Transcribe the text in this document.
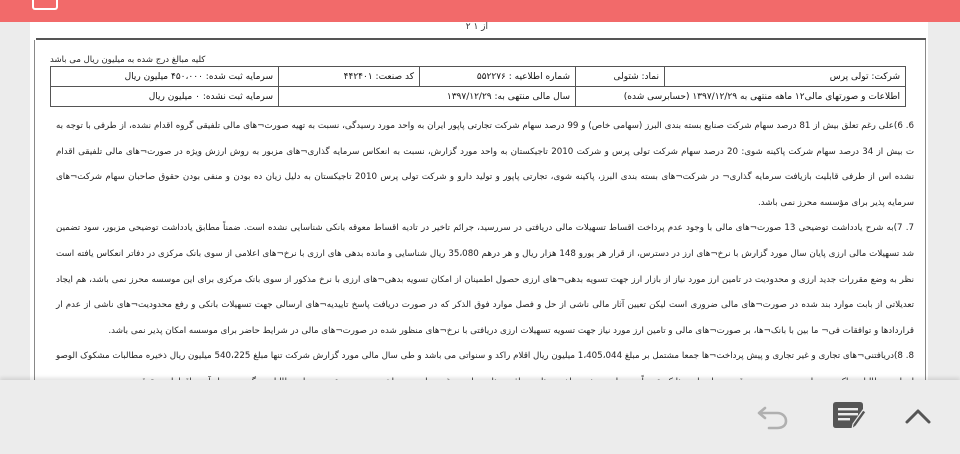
۲ از ۱
کلیه مبالغ درج شده به میلیون ریال می باشد
شرکت: تولی پرس	نماد: شتولی	شماره اطلاعیه : ۵۵۲۲۷۶	کد صنعت: ۴۴۲۴۰۱	سرمایه ثبت شده: ۴۵۰،۰۰۰ میلیون ریال
اطلاعات و صورتهای مالی۱۲ ماهه منتهی به ۱۳۹۷/۱۲/۲۹ (حسابرسی شده)		سال مالی منتهی به: ۱۳۹۷/۱۲/۲۹		سرمایه ثبت نشده: ۰ میلیون ریال

6. 6)علی رغم تعلق بیش از 81 درصد سهام شرکت صنایع بسته بندی البرز (سهامی خاص) و 99 درصد سهام شرکت تجارتی پاپور ایران به واحد مورد رسیدگی، نسبت به تهیه صورت¬های مالی تلفیقی گروه اقدام نشده، از طرفی با توجه به ت بیش از 34 درصد سهام شرکت پاکینه شوی: 20 درصد سهام شرکت تولی پرس و شرکت 2010 تاجیکستان به واحد مورد گزارش، نسبت به انعکاس سرمایه گذاری¬های مزبور به روش ارزش ویژه در صورت¬های مالی تلفیقی اقدام نشده اس از طرفی قابلیت بازیافت سرمایه گذاری¬ در شرکت¬های بسته بندی البرز، پاکینه شوی، تجارتی پاپور و تولید دارو و شرکت تولی پرس 2010 تاجیکستان به دلیل زیان ده بودن و منفی بودن حقوق صاحبان سهام شرکت¬های سرمایه پذیر برای مؤسسه محرز نمی باشد.

7. 7)به شرح یادداشت توضیحی 13 صورت¬های مالی با وجود عدم پرداخت اقساط تسهیلات مالی دریافتی در سررسید، جرائم تاخیر در تادیه اقساط معوقه بانکی شناسایی نشده است. ضمناً مطابق یادداشت توضیحی مزبور، سود تضمین شد تسهیلات مالی ارزی پایان سال مورد گزارش با نرخ¬های ارز در دسترس، از قرار هر یورو 148 هزار ریال و هر درهم 35،080 ریال شناسایی و مانده بدهی های ارزی با نرخ¬های اعلامی از سوی بانک مرکزی در دفاتر انعکاس یافته است نظر به وضع مقررات جدید ارزی و محدودیت در تامین ارز مورد نیاز از بازار ارز جهت تسویه بدهی¬های ارزی حصول اطمینان از امکان تسویه بدهی¬های ارزی با نرخ مذکور از سوی بانک مرکزی برای این موسسه محرز نمی باشد، هم ایجاد تعدیلاتی از بابت موارد بند شده در صورت¬های مالی ضروری است لیکن تعیین آثار مالی ناشی از حل و فصل موارد فوق الذکر که در صورت دریافت پاسخ تاییدیه¬های ارسالی جهت تسهیلات بانکی و رفع محدودیت¬های ناشی از عدم ار قراردادها و توافقات فی¬ ما بین با بانک¬ها، بر صورت¬های مالی و تامین ارز مورد نیاز جهت تسویه تسهیلات ارزی دریافتی با نرخ¬های منظور شده در صورت¬های مالی در شرایط حاضر برای موسسه امکان پذیر نمی باشد.

8. 8)دریافتنی¬های تجاری و غیر تجاری و پیش پرداخت¬ها جمعا مشتمل بر مبلغ 1،405،044 میلیون ریال اقلام راکد و سنواتی می باشد و طی سال مالی مورد گزارش شرکت تنها مبلغ 540،225 میلیون ریال ذخیره مطالبات مشکوک الوصو
